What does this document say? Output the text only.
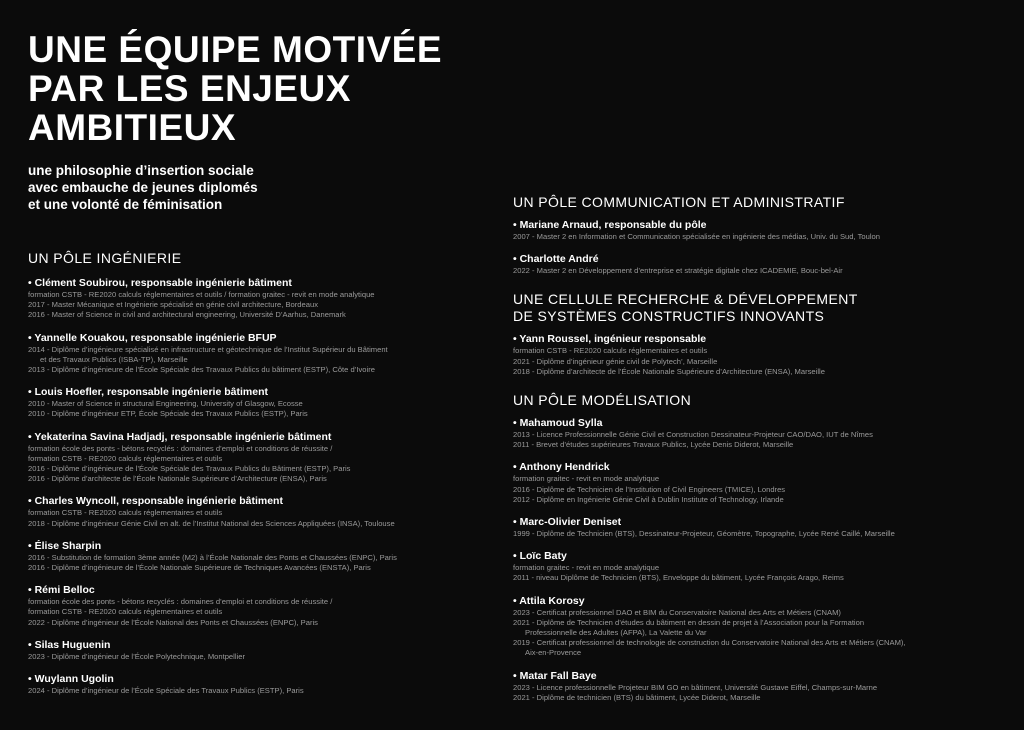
UNE ÉQUIPE MOTIVÉE
PAR LES ENJEUX
AMBITIEUX
une philosophie d’insertion sociale
avec embauche de jeunes diplomés
et une volonté de féminisation
UN PÔLE INGÉNIERIE
• Clément Soubirou, responsable ingénierie bâtiment
formation CSTB - RE2020 calculs réglementaires et outils / formation graitec - revit en mode analytique
2017 - Master Mécanique et Ingénierie spécialisé en génie civil architecture, Bordeaux
2016 - Master of Science in civil and architectural engineering, Université D’Aarhus, Danemark
• Yannelle Kouakou, responsable ingénierie BFUP
2014 - Diplôme d’ingénieure spécialisé en infrastructure et géotechnique de l’Institut Supérieur du Bâtiment
et des Travaux Publics (ISBA-TP), Marseille
2013 - Diplôme d’ingénieure de l’École Spéciale des Travaux Publics du bâtiment (ESTP), Côte d’Ivoire
• Louis Hoefler, responsable ingénierie bâtiment
2010 - Master of Science in structural Engineering, University of Glasgow, Ecosse
2010 - Diplôme d’ingénieur ETP, École Spéciale des Travaux Publics (ESTP), Paris
• Yekaterina Savina Hadjadj, responsable ingénierie bâtiment
formation école des ponts - bétons recyclés : domaines d’emploi et conditions de réussite /
formation CSTB - RE2020 calculs réglementaires et outils
2016 - Diplôme d’ingénieure de l’École Spéciale des Travaux Publics du Bâtiment (ESTP), Paris
2016 - Diplôme d’architecte de l’École Nationale Supérieure d’Architecture (ENSA), Paris
• Charles Wyncoll, responsable ingénierie bâtiment
formation CSTB - RE2020 calculs réglementaires et outils
2018 - Diplôme d’ingénieur Génie Civil en alt. de l’Institut National des Sciences Appliquées (INSA), Toulouse
• Élise Sharpin
2016 - Substitution de formation 3ème année (M2) à l’École Nationale des Ponts et Chaussées (ENPC), Paris
2016 - Diplôme d’ingénieure de l’École Nationale Supérieure de Techniques Avancées (ENSTA), Paris
• Rémi Belloc
formation école des ponts - bétons recyclés : domaines d’emploi et conditions de réussite /
formation CSTB - RE2020 calculs réglementaires et outils
2022 - Diplôme d’ingénieur de l’École National des Ponts et Chaussées (ENPC), Paris
• Silas Huguenin
2023 - Diplôme d’ingénieur de l’École Polytechnique, Montpellier
• Wuylann Ugolin
2024 - Diplôme d’ingénieur de l’École Spéciale des Travaux Publics (ESTP), Paris
UN PÔLE COMMUNICATION ET ADMINISTRATIF
• Mariane Arnaud, responsable du pôle
2007 - Master 2 en Information et Communication spécialisée en ingénierie des médias, Univ. du Sud, Toulon
• Charlotte André
2022 - Master 2 en Développement d’entreprise et stratégie digitale chez ICADEMIE, Bouc-bel-Air
UNE CELLULE RECHERCHE & DÉVELOPPEMENT
DE SYSTÈMES CONSTRUCTIFS INNOVANTS
• Yann Roussel, ingénieur responsable
formation CSTB - RE2020 calculs réglementaires et outils
2021 - Diplôme d’ingénieur génie civil de Polytech’, Marseille
2018 - Diplôme d’architecte de l’École Nationale Supérieure d’Architecture (ENSA), Marseille
UN PÔLE MODÉLISATION
• Mahamoud Sylla
2013 - Licence Professionnelle Génie Civil et Construction Dessinateur-Projeteur CAO/DAO, IUT de Nîmes
2011 - Brevet d’études supérieures Travaux Publics, Lycée Denis Diderot, Marseille
• Anthony Hendrick
formation graitec - revit en mode analytique
2016 - Diplôme de Technicien de l’Institution of Civil Engineers (TMICE), Londres
2012 - Diplôme en Ingénierie Génie Civil à Dublin Institute of Technology, Irlande
• Marc-Olivier Deniset
1999 - Diplôme de Technicien (BTS), Dessinateur-Projeteur, Géomètre, Topographe, Lycée René Caillé, Marseille
• Loïc Baty
formation graitec - revit en mode analytique
2011 - niveau Diplôme de Technicien (BTS), Enveloppe du bâtiment, Lycée François Arago, Reims
• Attila Korosy
2023 - Certificat professionnel DAO et BIM du Conservatoire National des Arts et Métiers (CNAM)
2021 - Diplôme de Technicien d’études du bâtiment en dessin de projet à l’Association pour la Formation
Professionnelle des Adultes (AFPA), La Valette du Var
2019 - Certificat professionnel de technologie de construction du Conservatoire National des Arts et Métiers (CNAM),
Aix-en-Provence
• Matar Fall Baye
2023 - Licence professionnelle Projeteur BIM GO en bâtiment, Université Gustave Eiffel, Champs-sur-Marne
2021 - Diplôme de technicien (BTS) du bâtiment, Lycée Diderot, Marseille
